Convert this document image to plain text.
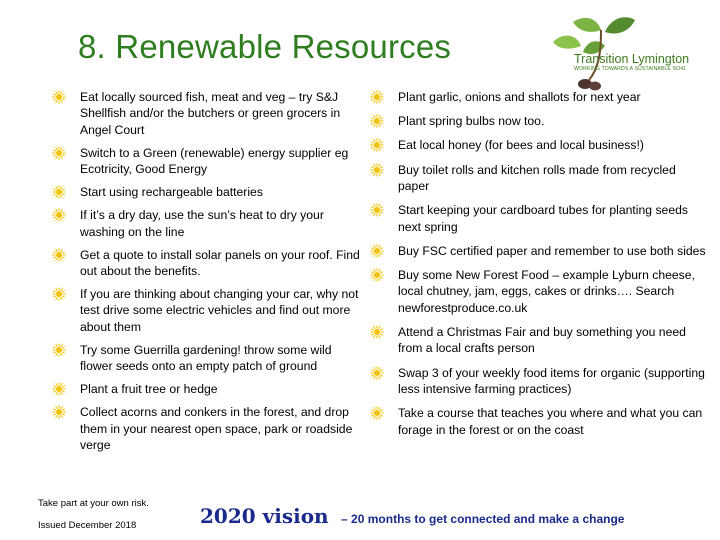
8. Renewable Resources	Transition Lymington
WORKING TOWARDS A SUSTAINABLE SO41
Eat locally sourced fish, meat and veg – try S&J Shellfish and/or the butchers or green grocers in Angel Court
Switch to a Green (renewable) energy supplier eg Ecotricity, Good Energy
Start using rechargeable batteries
If it’s a dry day, use the sun’s heat to dry your washing on the line
Get a quote to install solar panels on your roof. Find out about the benefits.
If you are thinking about changing your car, why not test drive some electric vehicles and find out more about them
Try some Guerrilla gardening! throw some wild flower seeds onto an empty patch of ground
Plant a fruit tree or hedge
Collect acorns and conkers in the forest, and drop them in your nearest open space, park or roadside verge
Plant garlic, onions and shallots for next year
Plant spring bulbs now too.
Eat local honey (for bees and local business!)
Buy toilet rolls and kitchen rolls made from recycled paper
Start keeping your cardboard tubes for planting seeds next spring
Buy FSC certified paper and remember to use both sides
Buy some New Forest Food – example Lyburn cheese, local chutney, jam, eggs, cakes or drinks…. Search newforestproduce.co.uk
Attend a Christmas Fair and buy something you need from a local crafts person
Swap 3 of your weekly food items for organic (supporting less intensive farming practices)
Take a course that teaches you where and what you can forage in the forest or on the coast
Take part at your own risk.
Issued December 2018	2020 vision – 20 months to get connected and make a change
